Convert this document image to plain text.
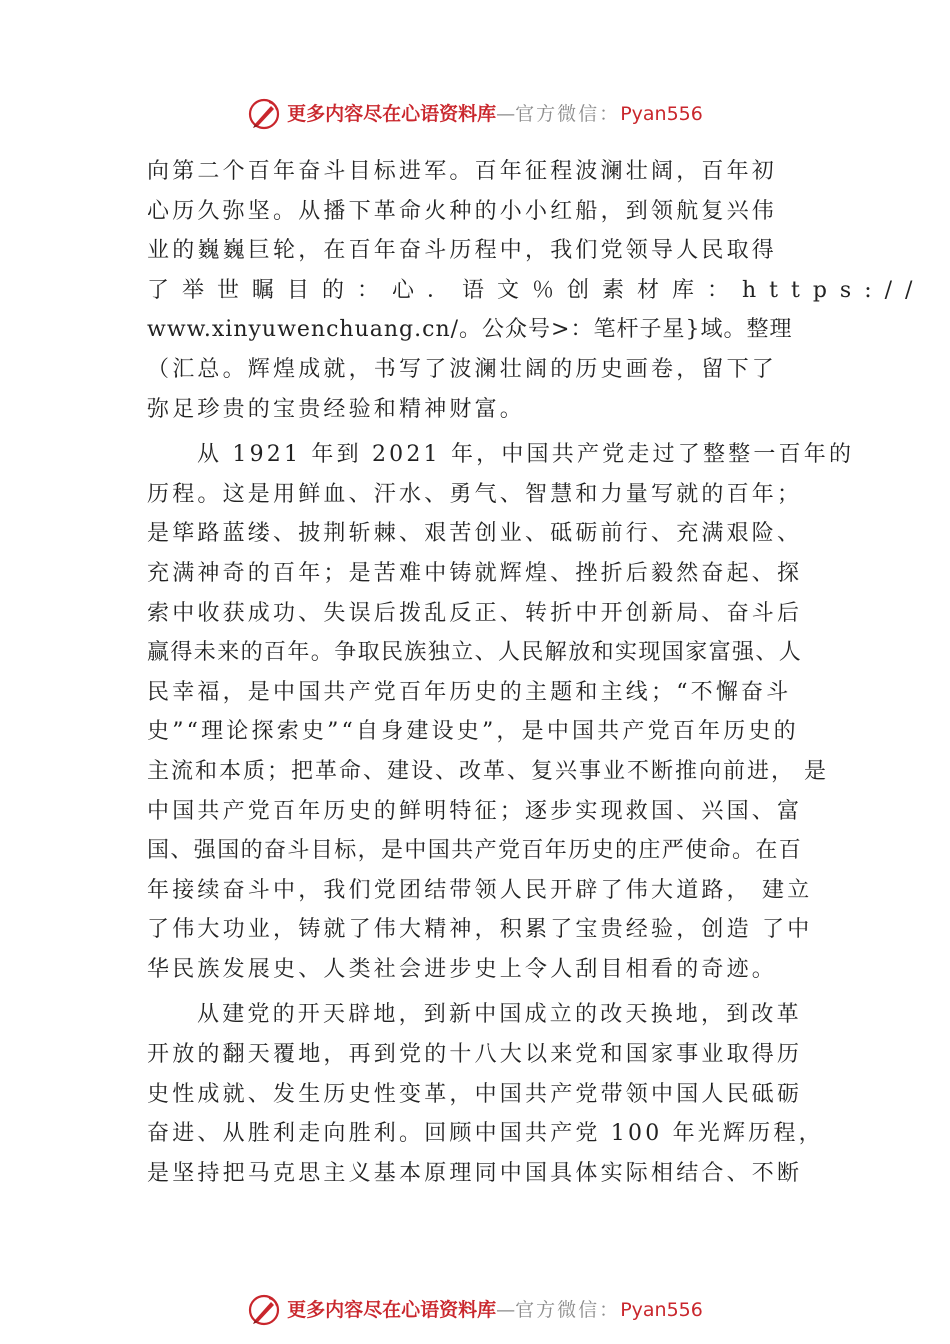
更多内容尽在心语资料库—官方微信：Pyan556
向第二个百年奋斗目标进军。百年征程波澜壮阔，百年初
心历久弥坚。从播下革命火种的小小红船，到领航复兴伟
业的巍巍巨轮，在百年奋斗历程中，我们党领导人民取得
了举世瞩目的：心．语文％创素材库：https://
www.xinyuwenchuang.cn/。公众号>：笔杆子星}域。整理
（汇总。辉煌成就，书写了波澜壮阔的历史画卷，留下了
弥足珍贵的宝贵经验和精神财富。
从 1921 年到 2021 年，中国共产党走过了整整一百年的
历程。这是用鲜血、汗水、勇气、智慧和力量写就的百年；
是筚路蓝缕、披荆斩棘、艰苦创业、砥砺前行、充满艰险、
充满神奇的百年；是苦难中铸就辉煌、挫折后毅然奋起、探
索中收获成功、失误后拨乱反正、转折中开创新局、奋斗后
赢得未来的百年。争取民族独立、人民解放和实现国家富强、人
民幸福，是中国共产党百年历史的主题和主线；“不懈奋斗
史”“理论探索史”“自身建设史”，是中国共产党百年历史的
主流和本质；把革命、建设、改革、复兴事业不断推向前进， 是
中国共产党百年历史的鲜明特征；逐步实现救国、兴国、富
国、强国的奋斗目标，是中国共产党百年历史的庄严使命。在百
年接续奋斗中，我们党团结带领人民开辟了伟大道路， 建立
了伟大功业，铸就了伟大精神，积累了宝贵经验，创造 了中
华民族发展史、人类社会进步史上令人刮目相看的奇迹。
从建党的开天辟地，到新中国成立的改天换地，到改革
开放的翻天覆地，再到党的十八大以来党和国家事业取得历
史性成就、发生历史性变革，中国共产党带领中国人民砥砺
奋进、从胜利走向胜利。回顾中国共产党 100 年光辉历程，
是坚持把马克思主义基本原理同中国具体实际相结合、不断
更多内容尽在心语资料库—官方微信：Pyan556
